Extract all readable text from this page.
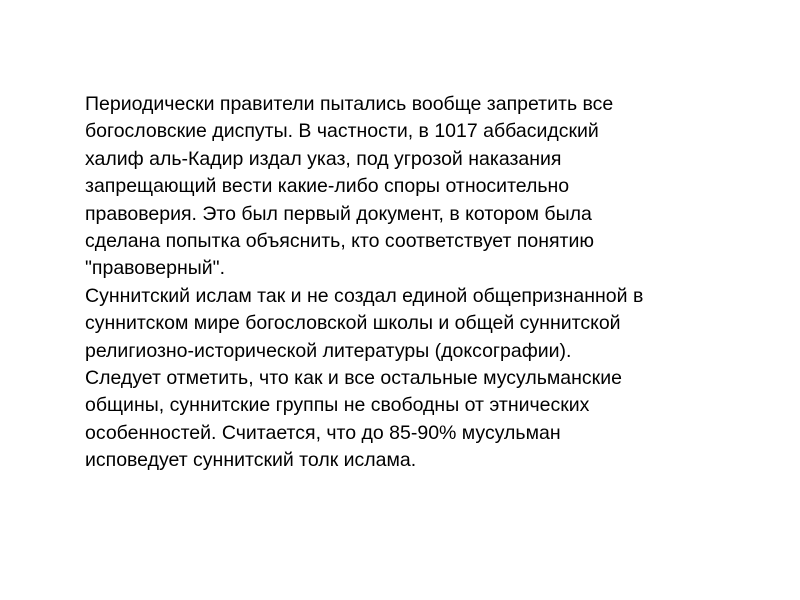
Периодически правители пытались вообще запретить все
богословские диспуты. В частности, в 1017 аббасидский
халиф аль-Кадир издал указ, под угрозой наказания
запрещающий вести какие-либо споры относительно
правоверия. Это был первый документ, в котором была
сделана попытка объяснить, кто соответствует понятию
"правоверный".
Суннитский ислам так и не создал единой общепризнанной в
суннитском мире богословской школы и общей суннитской
религиозно-исторической литературы (доксографии).
Следует отметить, что как и все остальные мусульманские
общины, суннитские группы не свободны от этнических
особенностей. Считается, что до 85-90% мусульман
исповедует суннитский толк ислама.
